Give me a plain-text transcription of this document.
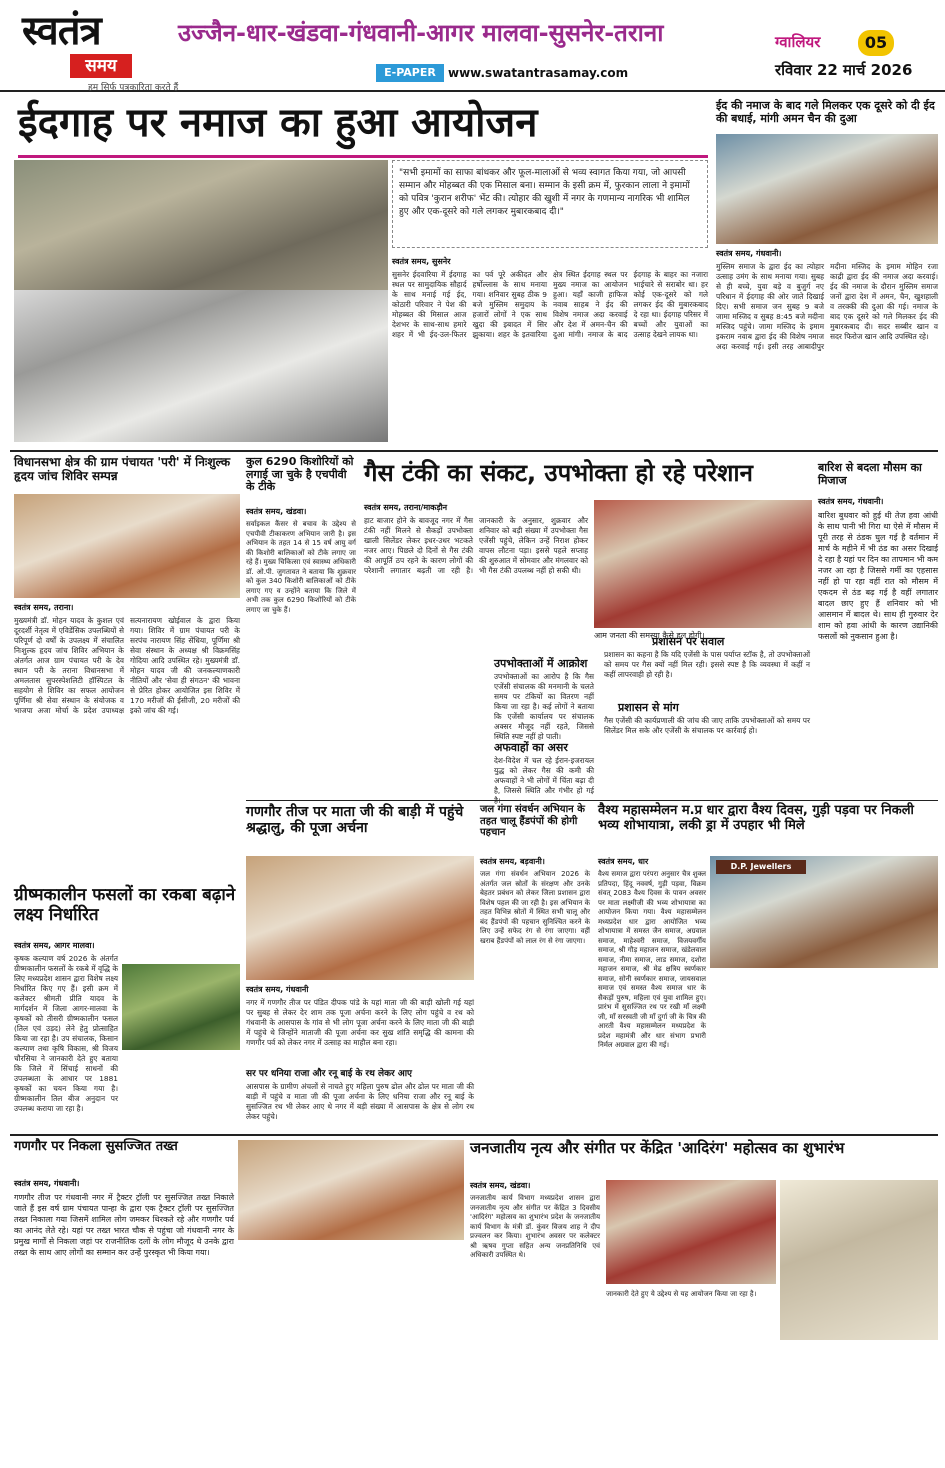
स्वतंत्र
समय
हम सिर्फ पत्रकारिता करते हैं
उज्जैन-धार-खंडवा-गंधवानी-आगर मालवा-सुसनेर-तराना	ग्वालियर	05
E-PAPER	www.swatantrasamay.com	रविवार 22 मार्च 2026
ईदगाह पर नमाज का हुआ आयोजन
"सभी इमामों का साफा बांधकर और फूल-मालाओं से भव्य स्वागत किया गया, जो आपसी सम्मान और मोहब्बत की एक मिसाल बना। सम्मान के इसी क्रम में, फुरकान लाला ने इमामों को पवित्र 'कुरान शरीफ' भेंट की। त्योहार की खुशी में नगर के गणमान्य नागरिक भी शामिल हुए और एक-दूसरे को गले लगकर मुबारकबाद दी।"
स्वतंत्र समय, सुसनेर
सुसनेर ईदवारिया में ईदगाह स्थल पर सामुदायिक सौहार्द के साथ मनाई गई ईद, कोठारी परिवार ने पेश की मोहब्बत की मिसाल आज देशभर के साथ-साथ हमारे शहर में भी ईद-उल-फितर का पर्व पूरे अकीदत और हर्षोल्लास के साथ मनाया गया। शनिवार सुबह ठीक 9 बजे मुस्लिम समुदाय के हजारों लोगों ने एक साथ खुदा की इबादत में सिर झुकाया। शहर के इतवारिया क्षेत्र स्थित ईदगाह स्थल पर मुख्य नमाज का आयोजन हुआ। यहाँ काजी हाफिज नवाब साहब ने ईद की विशेष नमाज अदा करवाई और देश में अमन-चैन की दुआ मांगी। नमाज के बाद ईदगाह के बाहर का नजारा भाईचारे से सराबोर था। हर कोई एक-दूसरे को गले लगकर ईद की मुबारकबाद दे रहा था। ईदगाह परिसर में बच्चों और युवाओं का उत्साह देखने लायक था।
ईद की नमाज के बाद गले मिलकर एक दूसरे को दी ईद की बधाई, मांगी अमन चैन की दुआ
स्वतंत्र समय, गंधवानी।
मुस्लिम समाज के द्वारा ईद का त्योहार उत्साह उमंग के साथ मनाया गया। सुबह से ही बच्चे, युवा बड़े व बुजुर्ग नए परिधान में ईदगाह की ओर जाते दिखाई दिए। सभी समाज जन सुबह 9 बजे जामा मस्जिद व सुबह 8:45 बजे मदीना मस्जिद पहुंचे। जामा मस्जिद के इमाम इकराम नवाब द्वारा ईद की विशेष नमाज अदा करवाई गई। इसी तरह आबादीपुर मदीना मस्जिद के इमाम मोहिन रजा काद्री द्वारा ईद की नमाज अदा करवाई। ईद की नमाज के दौरान मुस्लिम समाज जनों द्वारा देश में अमन, चैन, खुशहाली व तरक्की की दुआ की गई। नमाज के बाद एक दूसरे को गले मिलकर ईद की मुबारकबाद दी। सदर सब्बीर खान व सदर फिरोज खान आदि उपस्थित रहे।
विधानसभा क्षेत्र की ग्राम पंचायत 'परी' में निःशुल्क हृदय जांच शिविर सम्पन्न
स्वतंत्र समय, तराना।
मुख्यमंत्री डॉ. मोहन यादव के कुशल एवं दूरदर्शी नेतृत्व में एविडेंसिक उपलब्धियों से परिपूर्ण दो वर्षों के उपलक्ष्य में संचालित निःशुल्क हृदय जांच शिविर अभियान के अंतर्गत आज ग्राम पंचायत परी के देव स्थान परी के तराना विधानसभा में अमलतास सुपरस्पेशलिटी हॉस्पिटल के सहयोग से शिविर का सफल आयोजन पूर्णिमा श्री सेवा संस्थान के संयोजक व भाजपा अजा मोर्चा के प्रदेश उपाध्यक्ष सत्यनारायण खोईवाल के द्वारा किया गया। शिविर में ग्राम पंचायत परी के सरपंच नारायण सिंह सेंधिया, पूर्णिमा श्री सेवा संस्थान के अध्यक्ष श्री विक्रमसिंह गोदिया आदि उपस्थित रहे। मुख्यमंत्री डॉ. मोहन यादव जी की जनकल्याणकारी नीतियों और 'सेवा ही संगठन' की भावना से प्रेरित होकर आयोजित इस शिविर में 170 मरीजों की ईसीजी, 20 मरीजों की इको जांच की गई।
कुल 6290 किशोरियों को लगाई जा चुके है एचपीवी के टीके
स्वतंत्र समय, खंडवा।
सर्वाइकल कैंसर से बचाव के उद्देश्य से एचपीवी टीकाकरण अभियान जारी है। इस अभियान के तहत 14 से 15 वर्ष आयु वर्ग की किशोरी बालिकाओं को टीके लगाए जा रहे हैं। मुख्य चिकित्सा एवं स्वास्थ्य अधिकारी डॉ. ओ.पी. जुगतावत ने बताया कि शुक्रवार को कुल 340 किशोरी बालिकाओं को टीके लगाए गए व उन्होंने बताया कि जिले में अभी तक कुल 6290 किशोरियों को टीके लगाए जा चुके हैं।
गैस टंकी का संकट, उपभोक्ता हो रहे परेशान
स्वतंत्र समय, तराना/माकड़ौन
हाट बाजार होने के बावजूद नगर में गैस टंकी नहीं मिलने से सैकड़ों उपभोक्ता खाली सिलेंडर लेकर इधर-उधर भटकते नजर आए। पिछले दो दिनों से गैस टंकी की आपूर्ति ठप रहने के कारण लोगों की परेशानी लगातार बढ़ती जा रही है। जानकारी के अनुसार, शुक्रवार और शनिवार को बड़ी संख्या में उपभोक्ता गैस एजेंसी पहुंचे, लेकिन उन्हें निराश होकर वापस लौटना पड़ा। इससे पहले सप्ताह की शुरुआत में सोमवार और मंगलवार को भी गैस टंकी उपलब्ध नहीं हो सकी थी।
आम जनता की समस्या कैसे हल होगी।
उपभोक्ताओं में आक्रोश
उपभोक्ताओं का आरोप है कि गैस एजेंसी संचालक की मनमानी के चलते समय पर टंकियों का वितरण नहीं किया जा रहा है। कई लोगों ने बताया कि एजेंसी कार्यालय पर संचालक अक्सर मौजूद नहीं रहते, जिससे स्थिति स्पष्ट नहीं हो पाती।
अफवाहों का असर
देश-विदेश में चल रहे ईरान-इजरायल युद्ध को लेकर गैस की कमी की अफवाहों ने भी लोगों में चिंता बढ़ा दी है, जिससे स्थिति और गंभीर हो गई
प्रशासन पर सवाल
प्रशासन का कहना है कि यदि एजेंसी के पास पर्याप्त स्टॉक है, तो उपभोक्ताओं को समय पर गैस क्यों नहीं मिल रही। इससे स्पष्ट है कि व्यवस्था में कहीं न कहीं लापरवाही हो रही है।
प्रशासन से मांग
गैस एजेंसी की कार्यप्रणाली की जांच की जाए ताकि उपभोक्ताओं को समय पर सिलेंडर मिल सके और एजेंसी के संचालक पर कार्रवाई हो।
बारिश से बदला मौसम का मिजाज
स्वतंत्र समय, गंधवानी।
बारिश बुधवार को हुई थी तेज हवा आंधी के साथ पानी भी गिरा था ऐसे में मौसम में पूरी तरह से ठंडक घुल गई है वर्तमान में मार्च के महीने में भी ठंड का असर दिखाई दे रहा है यहां पर दिन का तापमान भी कम नजर आ रहा है जिससे गर्मी का एहसास नहीं हो पा रहा वहीं रात को मौसम में एकदम से ठंड बढ़ गई है वहीं लगातार बादल छाए हुए हैं शनिवार को भी आसमान में बादल थे। साथ ही गुरुवार देर शाम को हवा आंधी के कारण उद्यानिकी फसलों को नुकसान हुआ है।
गणगौर तीज पर माता जी की बाड़ी में पहुंचे श्रद्धालु, की पूजा अर्चना
स्वतंत्र समय, गंधवानी
नगर में गणगौर तीज पर पंडित दीपक पांडे के यहां माता जी की बाड़ी खोली गई यहां पर सुबह से लेकर देर शाम तक पूजा अर्चना करने के लिए लोग पहुंचे व रथ को गंधवानी के आसपास के गांव से भी लोग पूजा अर्चना करने के लिए माता जी की बाड़ी में पहुंचे थे जिन्होंने माताजी की पूजा अर्चना कर सुख शांति समृद्धि की कामना की गणगौर पर्व को लेकर नगर में उत्साह का माहौल बना रहा।
सर पर धनिया राजा और रनू बाई के रथ लेकर आए
आसपास के ग्रामीण अंचलों से नाचते हुए महिला पुरुष ढोल और ढोल पर माता जी की बाड़ी में पहुंचे व माता जी की पूजा अर्चना के लिए धनिया राजा और रनू बाई के सुसज्जित रथ भी लेकर आए थे नगर में बड़ी संख्या में आसपास के क्षेत्र से लोग रथ लेकर पहुंचे।
जल गंगा संवर्धन अभियान के तहत चालू हैंडपंपों की होगी पहचान
स्वतंत्र समय, बड़वानी।
जल गंगा संवर्धन अभियान 2026 के अंतर्गत जल स्रोतों के संरक्षण और उनके बेहतर प्रबंधन को लेकर जिला प्रशासन द्वारा विशेष पहल की जा रही है। इस अभियान के तहत विभिन्न स्रोतों में स्थित सभी चालू और बंद हैंडपंपों की पहचान सुनिश्चित करने के लिए उन्हें सफेद रंग से रंगा जाएगा। वहीं खराब हैंडपंपों को लाल रंग से रंगा जाएगा।
वैश्य महासम्मेलन म.प्र धार द्वारा वैश्य दिवस, गुड़ी पड़वा पर निकली भव्य शोभायात्रा, लकी ड्रा में उपहार भी मिले
स्वतंत्र समय, धार
D.P. Jewellers
वैश्य समाज द्वारा परंपरा अनुसार चैत्र शुक्ल प्रतिपदा, हिंदू नववर्ष, गुड़ी पड़वा, विक्रम संवत् 2083 वैश्य दिवस के पावन अवसर पर माता लक्ष्मीजी की भव्य शोभायात्रा का आयोजन किया गया। वैश्य महासम्मेलन मध्यप्रदेश धार द्वारा आयोजित भव्य शोभायात्रा में समस्त जैन समाज, अग्रवाल समाज, माहेश्वरी समाज, विजयवर्गीय समाज, श्री गौड़ महाजन समाज, खंडेलवाल समाज, नीमा समाज, लाड समाज, दशोरा महाजन समाज, श्री मेढ क्षत्रिय स्वर्णकार समाज, सोनी स्वर्णकार समाज, जायसवाल समाज एवं समस्त वैश्य समाज धार के सैकड़ों पुरुष, महिला एवं युवा शामिल हुए। प्रारंभ में सुसज्जित रथ पर रखी माँ लक्ष्मी जी, माँ सरस्वती जी माँ दुर्गा जी के चित्र की आरती वैश्य महासम्मेलन मध्यप्रदेश के प्रदेश महामंत्री और धार संभाग प्रभारी निर्मल अग्रवाल द्वारा की गई।
ग्रीष्मकालीन फसलों का रकबा बढ़ाने लक्ष्य निर्धारित
स्वतंत्र समय, आगर मालवा।
कृषक कल्याण वर्ष 2026 के अंतर्गत ग्रीष्मकालीन फसलों के रकबे में वृद्धि के लिए मध्यप्रदेश शासन द्वारा विशेष लक्ष्य निर्धारित किए गए हैं। इसी क्रम में कलेक्टर श्रीमती प्रीति यादव के मार्गदर्शन में जिला आगर-मालवा के कृषकों को तीसरी ग्रीष्मकालीन फसल (तिल एवं उड़द) लेने हेतु प्रोत्साहित किया जा रहा है। उप संचालक, किसान कल्याण तथा कृषि विकास, श्री विजय चौरसिया ने जानकारी देते हुए बताया कि जिले में सिंचाई साधनों की उपलब्धता के आधार पर 1881 कृषकों का चयन किया गया है। ग्रीष्मकालीन तिल बीज अनुदान पर उपलब्ध कराया जा रहा है।
गणगौर पर निकला सुसज्जित तख्त
स्वतंत्र समय, गंधवानी।
गणगौर तीज पर गंधवानी नगर में ट्रैक्टर ट्रॉली पर सुसज्जित तख्त निकाले जाते हैं इस वर्ष ग्राम पंचायत पान्हा के द्वारा एक ट्रैक्टर ट्रॉली पर सुसज्जित तख्त निकाला गया जिसमें शामिल लोग जमकर थिरकते रहे और गणगौर पर्व का आनंद लेते रहे। यहां पर तख्त भारत चौक से पहुंचा जो गंधवानी नगर के प्रमुख मार्गों से निकला जहां पर राजनीतिक दलों के लोग मौजूद थे उनके द्वारा तख्त के साथ आए लोगों का सम्मान कर उन्हें पुरस्कृत भी किया गया।
जनजातीय नृत्य और संगीत पर केंद्रित 'आदिरंग' महोत्सव का शुभारंभ
स्वतंत्र समय, खंडवा।
जनजातीय कार्य विभाग मध्यप्रदेश शासन द्वारा जनजातीय नृत्य और संगीत पर केंद्रित 3 दिवसीय 'आदिरंग' महोत्सव का शुभारंभ प्रदेश के जनजातीय कार्य विभाग के मंत्री डॉ. कुंवर विजय शाह ने दीप प्रज्वलन कर किया। शुभारंभ अवसर पर कलेक्टर श्री ऋषव गुप्ता सहित अन्य जनप्रतिनिधि एवं अधिकारी उपस्थित थे।
जानकारी देते हुए ये उद्देश्य से यह आयोजन किया जा रहा है।
